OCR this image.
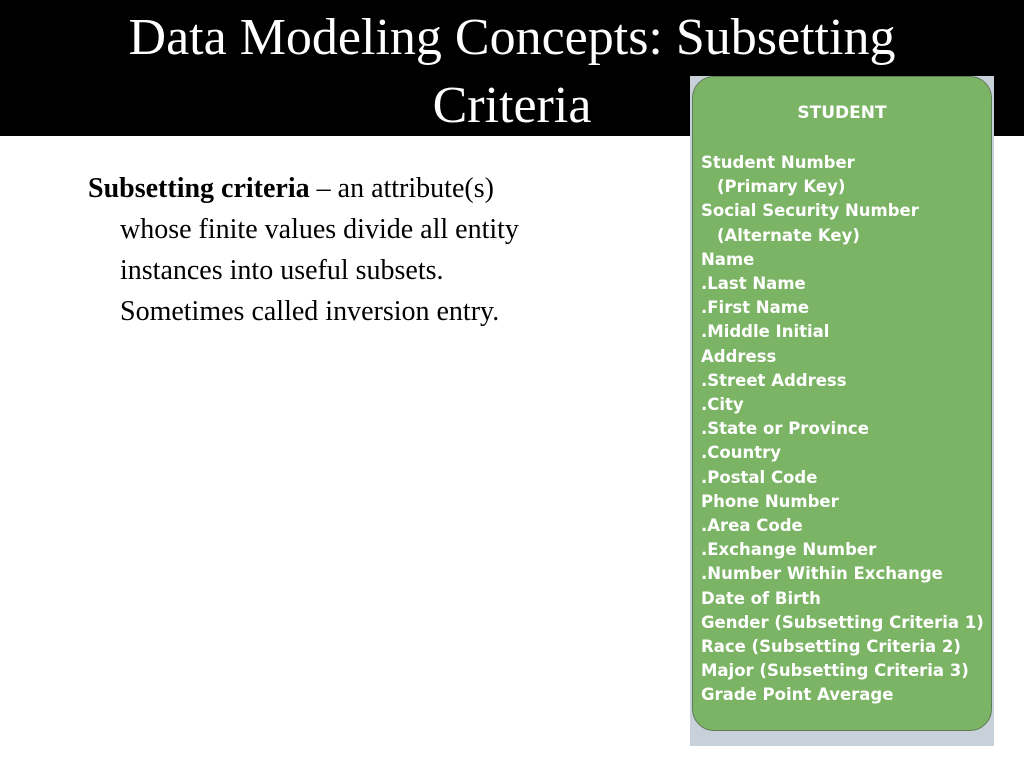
Data Modeling Concepts: Subsetting
Criteria

Subsetting criteria – an attribute(s)
whose finite values divide all entity
instances into useful subsets.
Sometimes called inversion entry.

STUDENT
Student Number
(Primary Key)
Social Security Number
(Alternate Key)
Name
.Last Name
.First Name
.Middle Initial
Address
.Street Address
.City
.State or Province
.Country
.Postal Code
Phone Number
.Area Code
.Exchange Number
.Number Within Exchange
Date of Birth
Gender (Subsetting Criteria 1)
Race (Subsetting Criteria 2)
Major (Subsetting Criteria 3)
Grade Point Average
